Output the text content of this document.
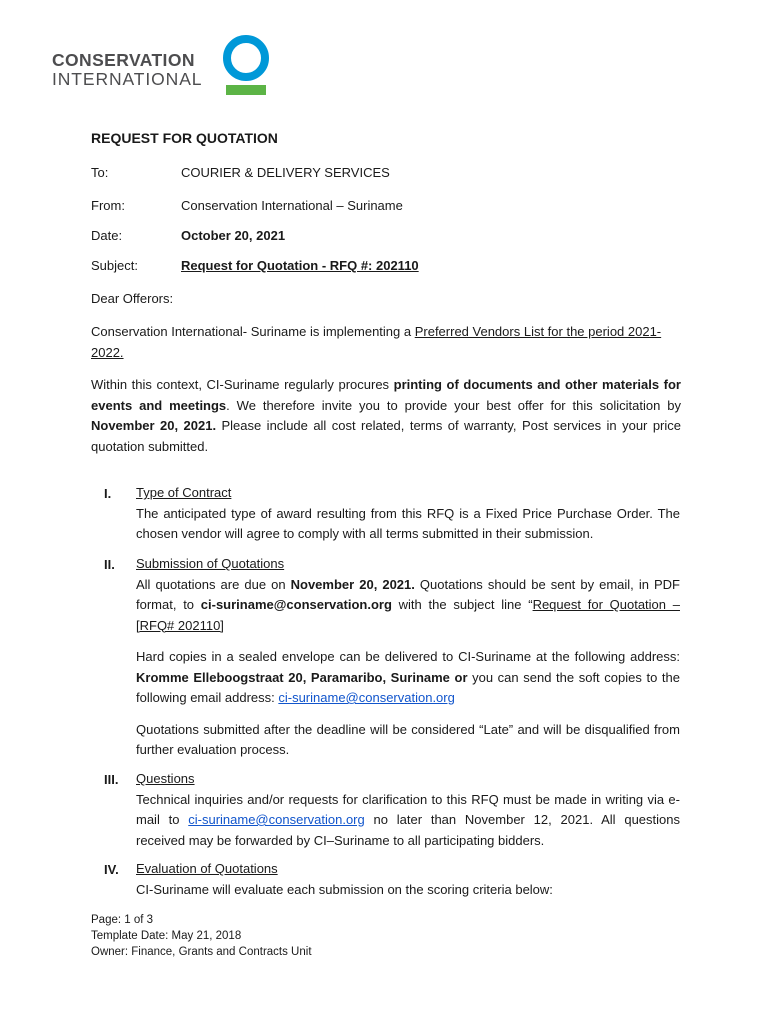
CONSERVATION
INTERNATIONAL
REQUEST FOR QUOTATION
To:	COURIER & DELIVERY SERVICES
From:	Conservation International – Suriname
Date:	October 20, 2021
Subject:	Request for Quotation - RFQ #: 202110
Dear Offerors:
Conservation International- Suriname is implementing a Preferred Vendors List for the period 2021-2022.
Within this context, CI-Suriname regularly procures printing of documents and other materials for events and meetings. We therefore invite you to provide your best offer for this solicitation by November 20, 2021. Please include all cost related, terms of warranty, Post services in your price quotation submitted.
I. Type of Contract
The anticipated type of award resulting from this RFQ is a Fixed Price Purchase Order. The chosen vendor will agree to comply with all terms submitted in their submission.
II. Submission of Quotations
All quotations are due on November 20, 2021. Quotations should be sent by email, in PDF format, to ci-suriname@conservation.org with the subject line “Request for Quotation – [RFQ# 202110]
Hard copies in a sealed envelope can be delivered to CI-Suriname at the following address: Kromme Elleboogstraat 20, Paramaribo, Suriname or you can send the soft copies to the following email address: ci-suriname@conservation.org
Quotations submitted after the deadline will be considered “Late” and will be disqualified from further evaluation process.
III. Questions
Technical inquiries and/or requests for clarification to this RFQ must be made in writing via e-mail to ci-suriname@conservation.org no later than November 12, 2021. All questions received may be forwarded by CI–Suriname to all participating bidders.
IV. Evaluation of Quotations
CI-Suriname will evaluate each submission on the scoring criteria below:
Page: 1 of 3
Template Date: May 21, 2018
Owner: Finance, Grants and Contracts Unit
